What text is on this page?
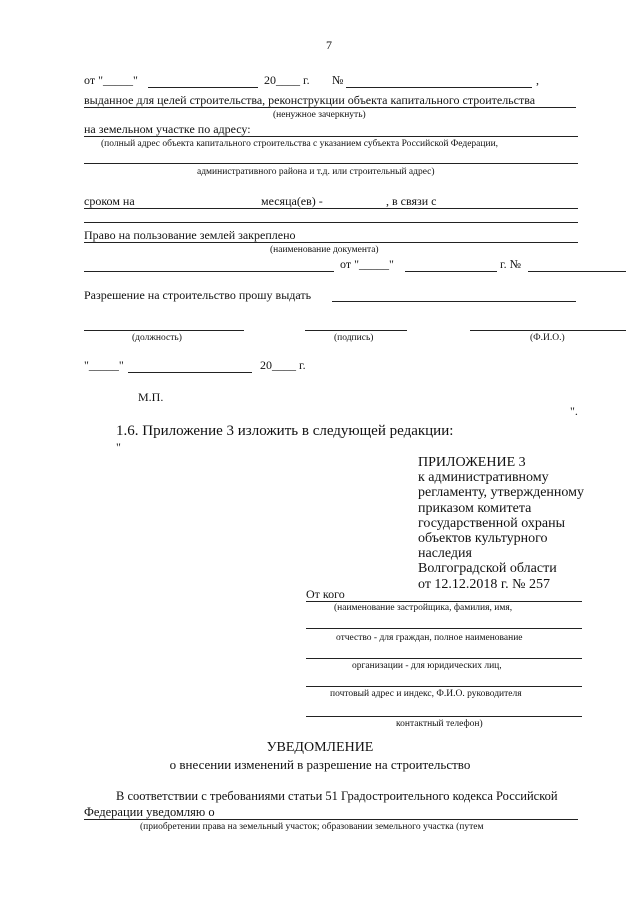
7
от "_____"	20____ г. №	,
выданное для целей строительства, реконструкции объекта капитального строительства
(ненужное зачеркнуть)
на земельном участке по адресу:
(полный адрес объекта капитального строительства с указанием субъекта Российской Федерации,
административного района и т.д. или строительный адрес)
сроком на	месяца(ев) -	, в связи с
Право на пользование землей закреплено
(наименование документа)
от "_____"	г. №
Разрешение на строительство прошу выдать
(должность)	(подпись)	(Ф.И.О.)
"_____"	20____ г.
М.П.
".
1.6. Приложение 3 изложить в следующей редакции:
"
ПРИЛОЖЕНИЕ 3
к административному
регламенту, утвержденному
приказом комитета
государственной охраны
объектов культурного
наследия
Волгоградской области
от 12.12.2018 г. № 257
От кого
(наименование застройщика, фамилия, имя,
отчество - для граждан, полное наименование
организации - для юридических лиц,
почтовый адрес и индекс, Ф.И.О. руководителя
контактный телефон)
УВЕДОМЛЕНИЕ
о внесении изменений в разрешение на строительство
В соответствии с требованиями статьи 51 Градостроительного кодекса Российской
Федерации уведомляю о
(приобретении права на земельный участок; образовании земельного участка (путем
